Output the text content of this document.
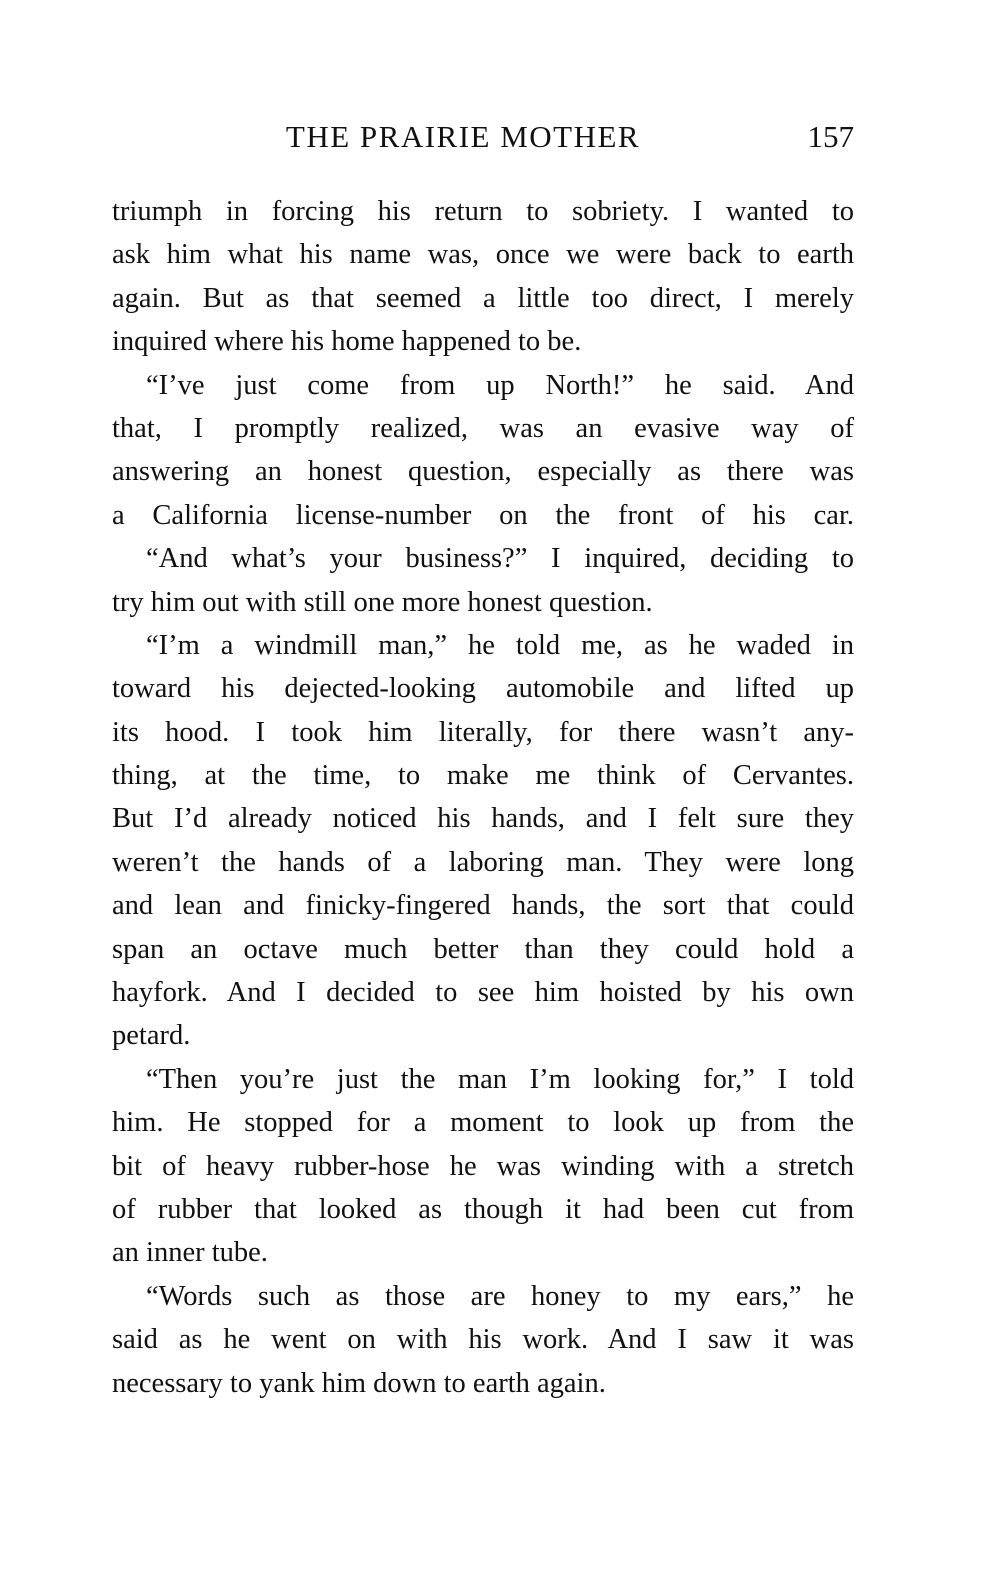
THE PRAIRIE MOTHER	157
triumph in forcing his return to sobriety. I wanted to
ask him what his name was, once we were back to earth
again. But as that seemed a little too direct, I merely
inquired where his home happened to be.
“I’ve just come from up North!” he said. And
that, I promptly realized, was an evasive way of
answering an honest question, especially as there was
a California license-number on the front of his car.
“And what’s your business?” I inquired, deciding to
try him out with still one more honest question.
“I’m a windmill man,” he told me, as he waded in
toward his dejected-looking automobile and lifted up
its hood. I took him literally, for there wasn’t any-
thing, at the time, to make me think of Cervantes.
But I’d already noticed his hands, and I felt sure they
weren’t the hands of a laboring man. They were long
and lean and finicky-fingered hands, the sort that could
span an octave much better than they could hold a
hayfork. And I decided to see him hoisted by his own
petard.
“Then you’re just the man I’m looking for,” I told
him. He stopped for a moment to look up from the
bit of heavy rubber-hose he was winding with a stretch
of rubber that looked as though it had been cut from
an inner tube.
“Words such as those are honey to my ears,” he
said as he went on with his work. And I saw it was
necessary to yank him down to earth again.
